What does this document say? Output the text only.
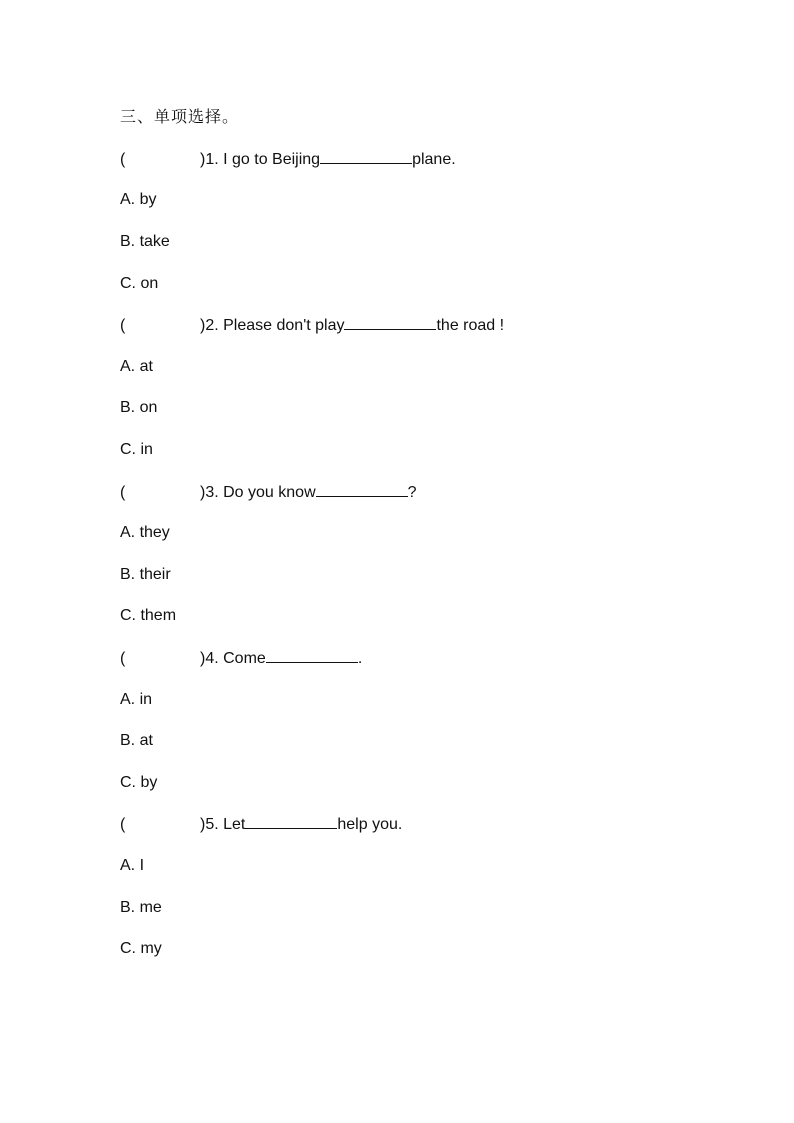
三、单项选择。
(	)1. I go to Beijing	plane.
A. by
B. take
C. on
(	)2. Please don't play	the road !
A. at
B. on
C. in
(	)3. Do you know	?
A. they
B. their
C. them
(	)4. Come	.
A. in
B. at
C. by
(	)5. Let	help you.
A. I
B. me
C. my
